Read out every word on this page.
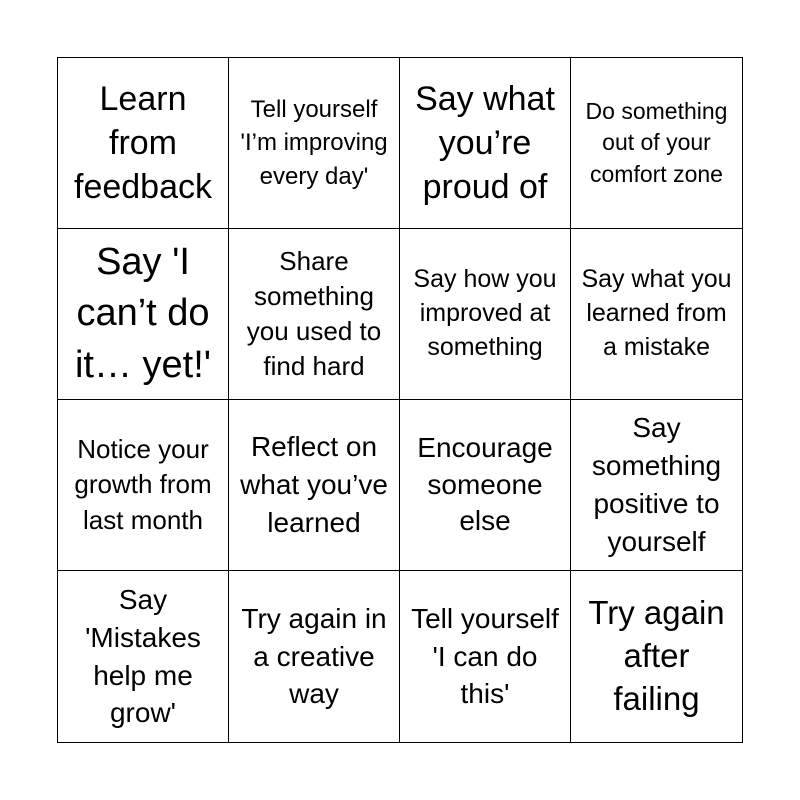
Learn from feedback
Tell yourself 'I’m improving every day'
Say what you’re proud of
Do something out of your comfort zone
Say 'I can’t do it… yet!'
Share something you used to find hard
Say how you improved at something
Say what you learned from a mistake
Notice your growth from last month
Reflect on what you’ve learned
Encourage someone else
Say something positive to yourself
Say 'Mistakes help me grow'
Try again in a creative way
Tell yourself 'I can do this'
Try again after failing
